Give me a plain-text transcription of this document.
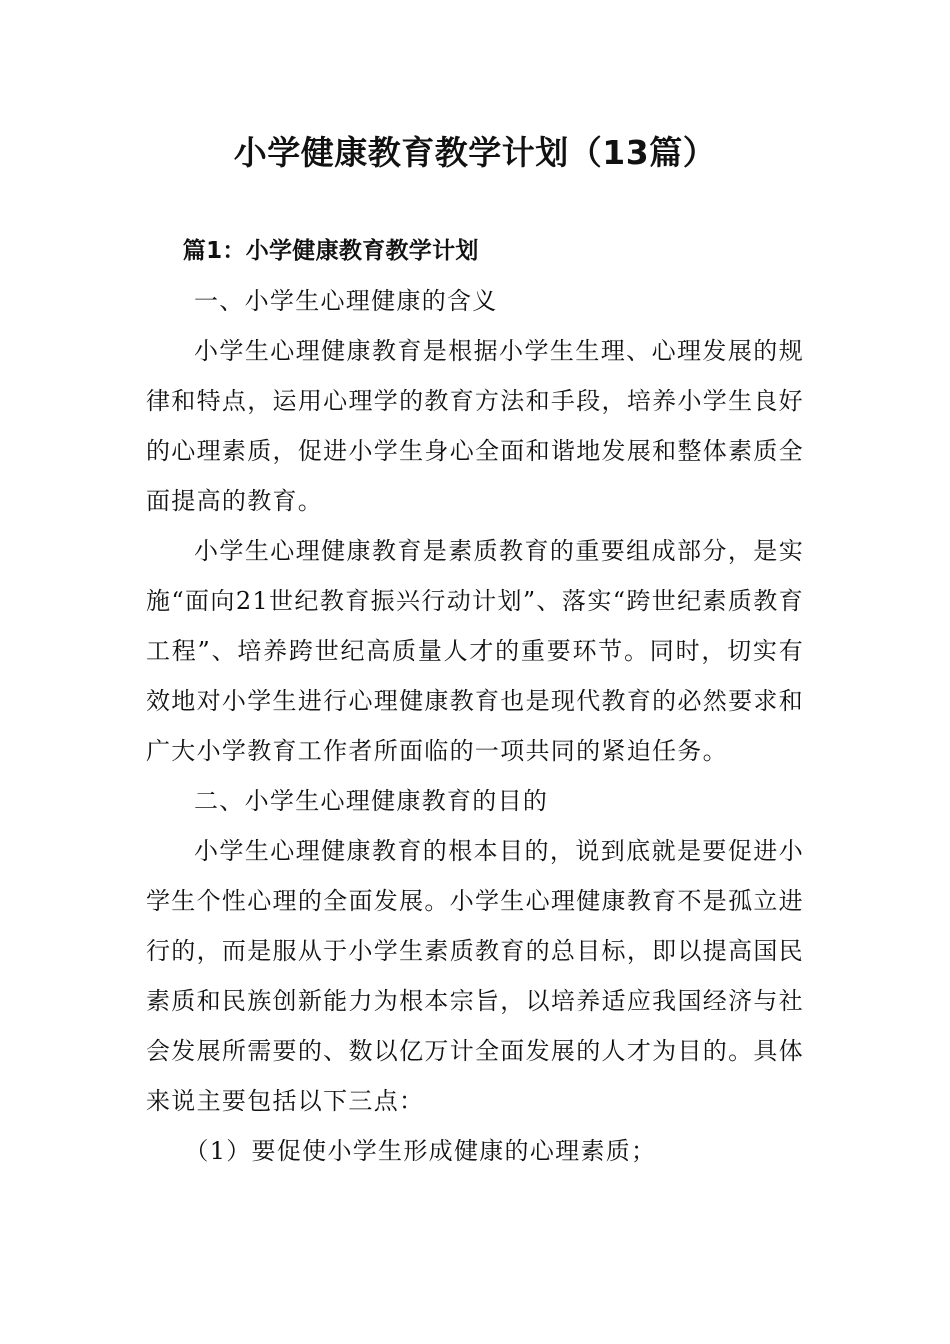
小学健康教育教学计划（13篇）

篇1：小学健康教育教学计划

一、小学生心理健康的含义

小学生心理健康教育是根据小学生生理、心理发展的规律和特点，运用心理学的教育方法和手段，培养小学生良好的心理素质，促进小学生身心全面和谐地发展和整体素质全面提高的教育。

小学生心理健康教育是素质教育的重要组成部分，是实施“面向21世纪教育振兴行动计划”、落实“跨世纪素质教育工程”、培养跨世纪高质量人才的重要环节。同时，切实有效地对小学生进行心理健康教育也是现代教育的必然要求和广大小学教育工作者所面临的一项共同的紧迫任务。

二、小学生心理健康教育的目的

小学生心理健康教育的根本目的，说到底就是要促进小学生个性心理的全面发展。小学生心理健康教育不是孤立进行的，而是服从于小学生素质教育的总目标，即以提高国民素质和民族创新能力为根本宗旨，以培养适应我国经济与社会发展所需要的、数以亿万计全面发展的人才为目的。具体来说主要包括以下三点：

（1）要促使小学生形成健康的心理素质；
